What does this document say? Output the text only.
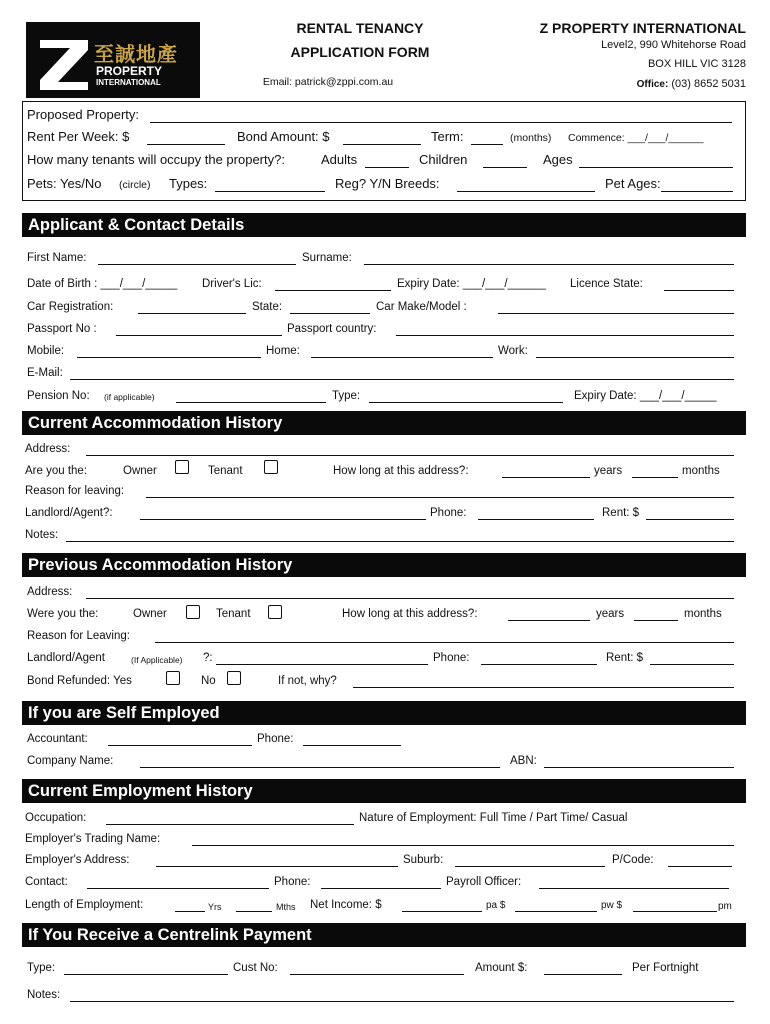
至誠地產
PROPERTY
INTERNATIONAL
RENTAL TENANCY
APPLICATION FORM
Email: patrick@zppi.com.au
Z PROPERTY INTERNATIONAL
Level2, 990 Whitehorse Road
BOX HILL VIC 3128
Office: (03) 8652 5031
Proposed Property:
Rent Per Week: $	Bond Amount: $	Term:	(months) Commence: ___/___/______
How many tenants will occupy the property?:	Adults	Children	Ages
Pets: Yes/No (circle) Types:	Reg? Y/N Breeds:	Pet Ages:
Applicant & Contact Details
First Name:	Surname:
Date of Birth : ___/___/_____ Driver's Lic:	Expiry Date: ___/___/______ Licence State:
Car Registration:	State:	Car Make/Model :
Passport No :	Passport country:
Mobile:	Home:	Work:
E-Mail:
Pension No: (if applicable)	Type:	Expiry Date: ___/___/_____
Current Accommodation History
Address:
Are you the:	Owner	Tenant	How long at this address?:	years	months
Reason for leaving:
Landlord/Agent?:	Phone:	Rent: $
Notes:
Previous Accommodation History
Address:
Were you the:	Owner	Tenant	How long at this address?:	years	months
Reason for Leaving:
Landlord/Agent	(If Applicable) ?:	Phone:	Rent: $
Bond Refunded: Yes	No	If not, why?
If you are Self Employed
Accountant:	Phone:
Company Name:	ABN:
Current Employment History
Occupation:	Nature of Employment: Full Time / Part Time/ Casual
Employer's Trading Name:
Employer's Address:	Suburb:	P/Code:
Contact:	Phone:	Payroll Officer:
Length of Employment:	Yrs	Mths Net Income: $	pa $	pw $	pm
If You Receive a Centrelink Payment
Type:	Cust No:	Amount $:	Per Fortnight
Notes:
